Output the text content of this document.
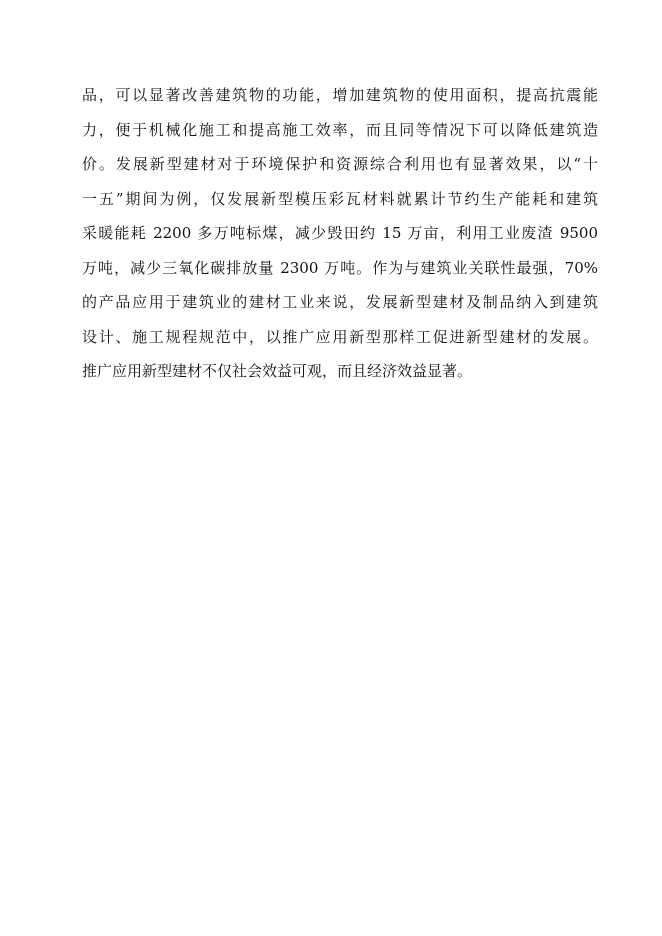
品，可以显著改善建筑物的功能，增加建筑物的使用面积，提高抗震能
力，便于机械化施工和提高施工效率，而且同等情况下可以降低建筑造
价。发展新型建材对于环境保护和资源综合利用也有显著效果，以“十
一五”期间为例，仅发展新型模压彩瓦材料就累计节约生产能耗和建筑
采暖能耗 2200 多万吨标煤，减少毁田约 15 万亩，利用工业废渣 9500
万吨，减少三氧化碳排放量 2300 万吨。作为与建筑业关联性最强，70%
的产品应用于建筑业的建材工业来说，发展新型建材及制品纳入到建筑
设计、施工规程规范中，以推广应用新型那样工促进新型建材的发展。
推广应用新型建材不仅社会效益可观，而且经济效益显著。
